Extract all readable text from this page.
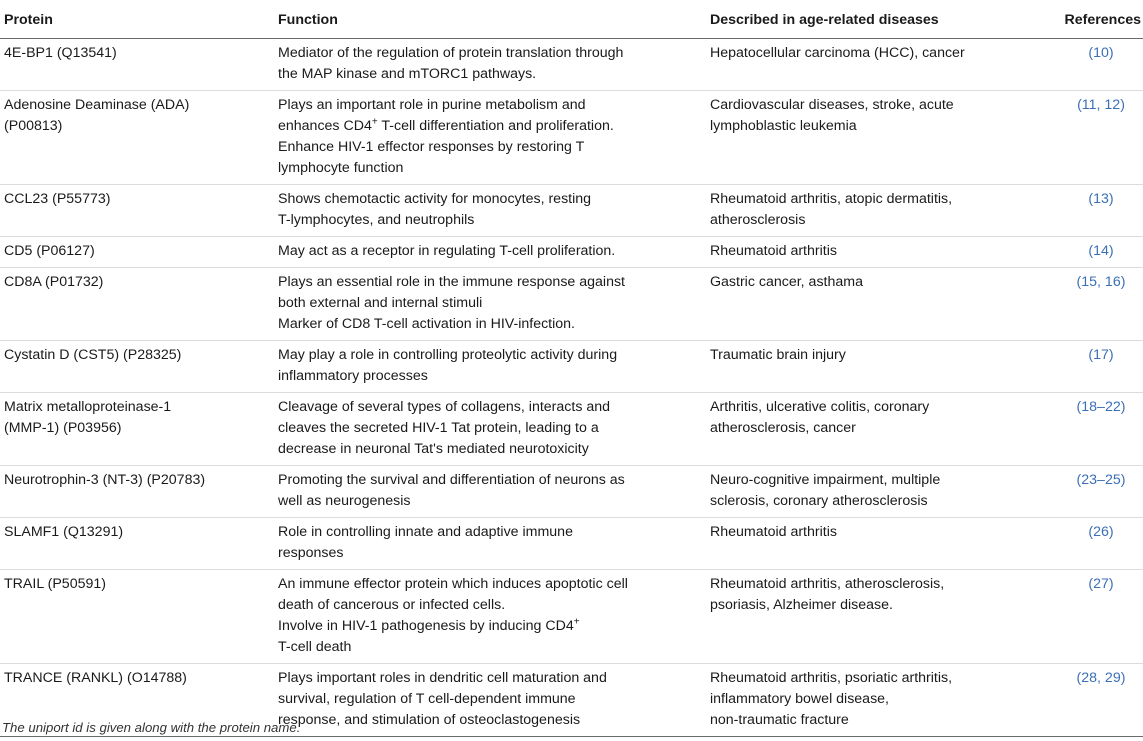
Protein	Function	Described in age-related diseases	References

4E-BP1 (Q13541)	Mediator of the regulation of protein translation through
the MAP kinase and mTORC1 pathways.	Hepatocellular carcinoma (HCC), cancer	(10)

Adenosine Deaminase (ADA)
(P00813)	Plays an important role in purine metabolism and
enhances CD4+ T-cell differentiation and proliferation.
Enhance HIV-1 effector responses by restoring T
lymphocyte function	Cardiovascular diseases, stroke, acute
lymphoblastic leukemia	(11, 12)

CCL23 (P55773)	Shows chemotactic activity for monocytes, resting
T-lymphocytes, and neutrophils	Rheumatoid arthritis, atopic dermatitis,
atherosclerosis	(13)

CD5 (P06127)	May act as a receptor in regulating T-cell proliferation.	Rheumatoid arthritis	(14)

CD8A (P01732)	Plays an essential role in the immune response against
both external and internal stimuli
Marker of CD8 T-cell activation in HIV-infection.	Gastric cancer, asthama	(15, 16)

Cystatin D (CST5) (P28325)	May play a role in controlling proteolytic activity during
inflammatory processes	Traumatic brain injury	(17)

Matrix metalloproteinase-1
(MMP-1) (P03956)	Cleavage of several types of collagens, interacts and
cleaves the secreted HIV-1 Tat protein, leading to a
decrease in neuronal Tat's mediated neurotoxicity	Arthritis, ulcerative colitis, coronary
atherosclerosis, cancer	(18–22)

Neurotrophin-3 (NT-3) (P20783)	Promoting the survival and differentiation of neurons as
well as neurogenesis	Neuro-cognitive impairment, multiple
sclerosis, coronary atherosclerosis	(23–25)

SLAMF1 (Q13291)	Role in controlling innate and adaptive immune
responses	Rheumatoid arthritis	(26)

TRAIL (P50591)	An immune effector protein which induces apoptotic cell
death of cancerous or infected cells.
Involve in HIV-1 pathogenesis by inducing CD4+
T-cell death	Rheumatoid arthritis, atherosclerosis,
psoriasis, Alzheimer disease.	(27)

TRANCE (RANKL) (O14788)	Plays important roles in dendritic cell maturation and
survival, regulation of T cell-dependent immune
response, and stimulation of osteoclastogenesis	Rheumatoid arthritis, psoriatic arthritis,
inflammatory bowel disease,
non-traumatic fracture	(28, 29)
The uniport id is given along with the protein name.
